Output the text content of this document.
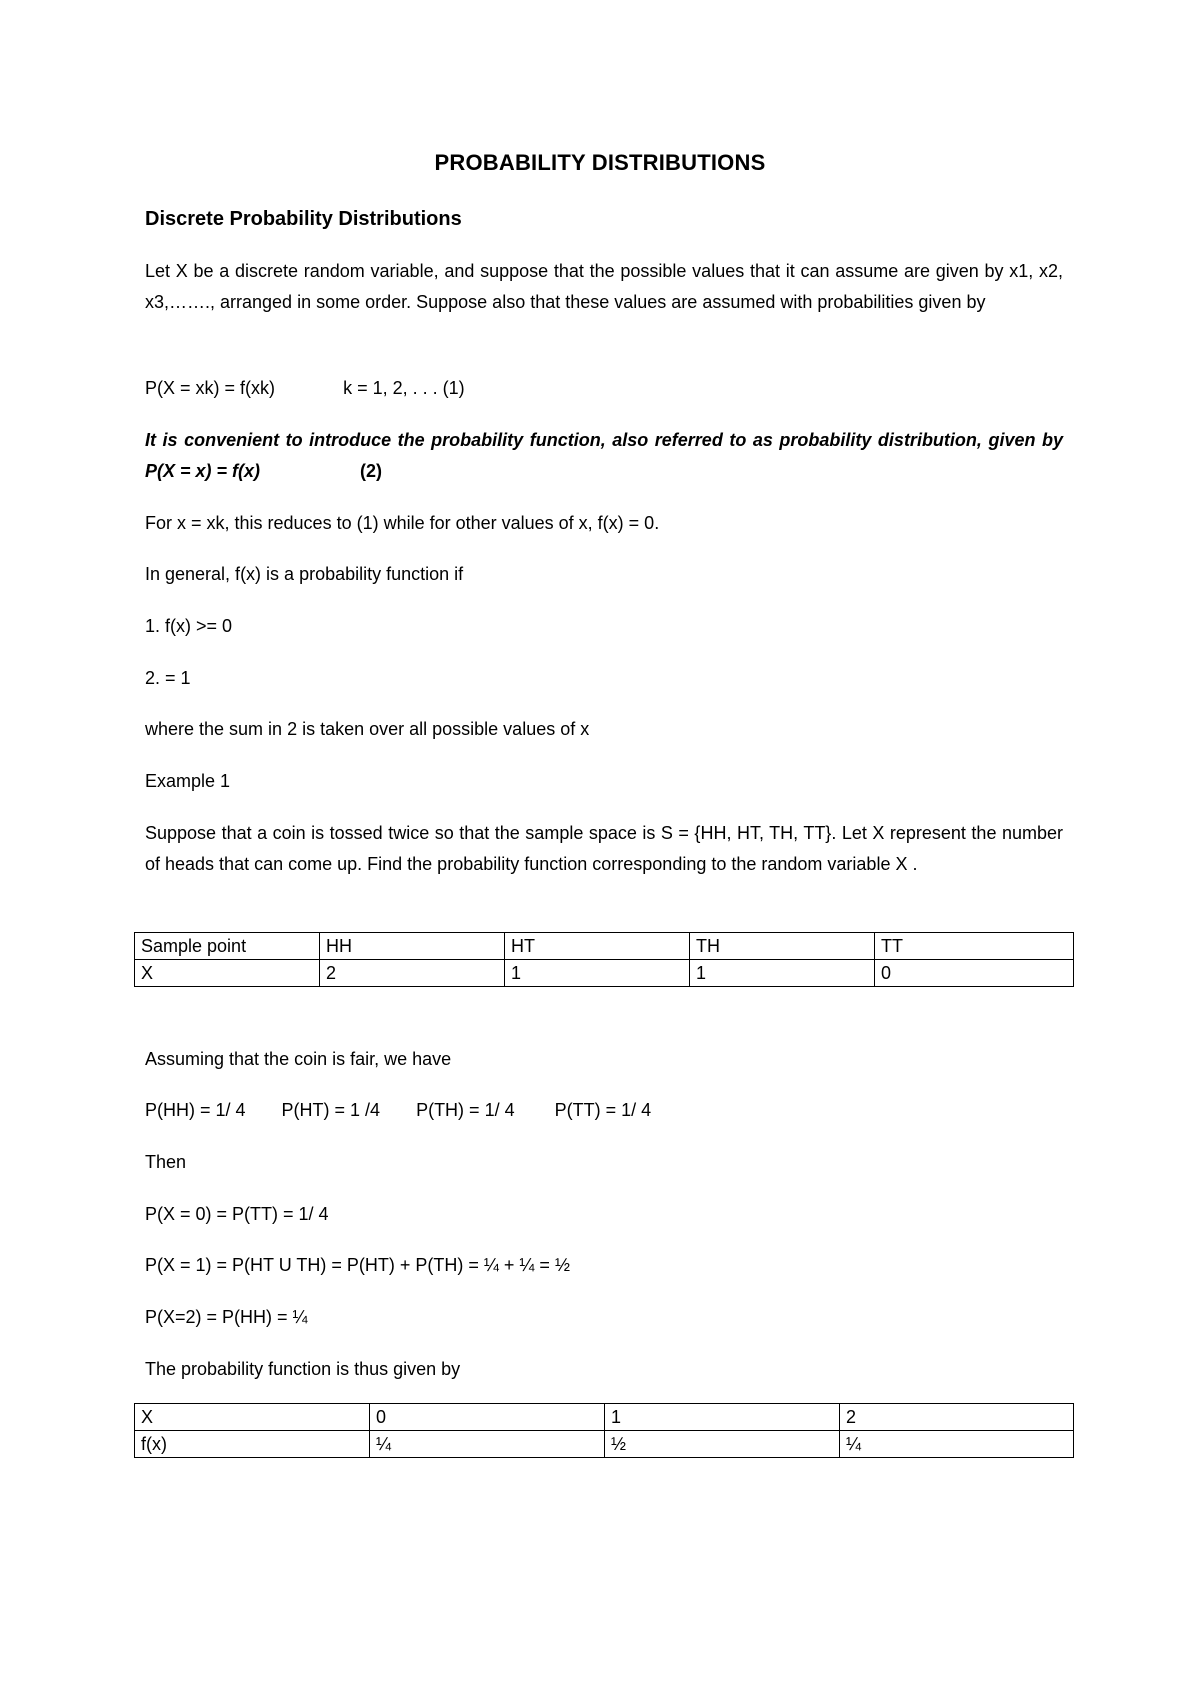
PROBABILITY DISTRIBUTIONS
Discrete Probability Distributions
Let X be a discrete random variable, and suppose that the possible values that it can assume are given by x1, x2, x3,……., arranged in some order. Suppose also that these values are assumed with probabilities given by
P(X = xk) = f(xk)	k = 1, 2, . . . (1)
It is convenient to introduce the probability function, also referred to as probability distribution, given by P(X = x) = f(x)	(2)
For x = xk, this reduces to (1) while for other values of x, f(x) = 0.
In general, f(x) is a probability function if
1. f(x) >= 0
2. = 1
where the sum in 2 is taken over all possible values of x
Example 1
Suppose that a coin is tossed twice so that the sample space is S = {HH, HT, TH, TT}. Let X represent the number of heads that can come up. Find the probability function corresponding to the random variable X .
Sample point	HH	HT	TH	TT
X	2	1	1	0
Assuming that the coin is fair, we have
P(HH) = 1/ 4 P(HT) = 1 /4 P(TH) = 1/ 4 P(TT) = 1/ 4
Then
P(X = 0) = P(TT) = 1/ 4
P(X = 1) = P(HT U TH) = P(HT) + P(TH) = ¼ + ¼ = ½
P(X=2) = P(HH) = ¼
The probability function is thus given by
X	0	1	2
f(x)	¼	½	¼
